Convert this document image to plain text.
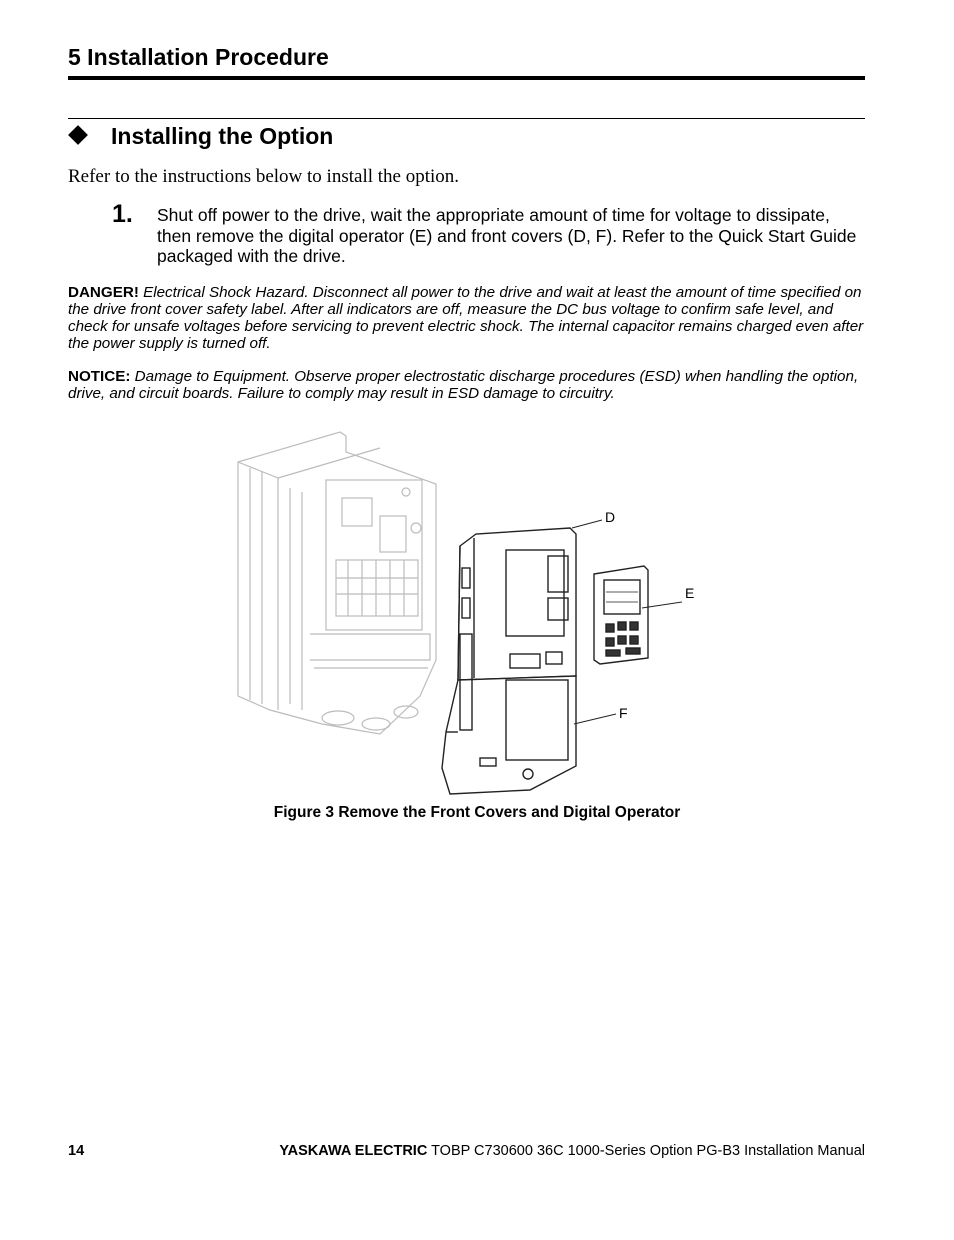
5 Installation Procedure
Installing the Option
Refer to the instructions below to install the option.
1. Shut off power to the drive, wait the appropriate amount of time for voltage to dissipate, then remove the digital operator (E) and front covers (D, F). Refer to the Quick Start Guide packaged with the drive.
DANGER! Electrical Shock Hazard. Disconnect all power to the drive and wait at least the amount of time specified on the drive front cover safety label. After all indicators are off, measure the DC bus voltage to confirm safe level, and check for unsafe voltages before servicing to prevent electric shock. The internal capacitor remains charged even after the power supply is turned off.
NOTICE: Damage to Equipment. Observe proper electrostatic discharge procedures (ESD) when handling the option, drive, and circuit boards. Failure to comply may result in ESD damage to circuitry.
D
E
F
Figure 3 Remove the Front Covers and Digital Operator
14	YASKAWA ELECTRIC TOBP C730600 36C 1000-Series Option PG-B3 Installation Manual
